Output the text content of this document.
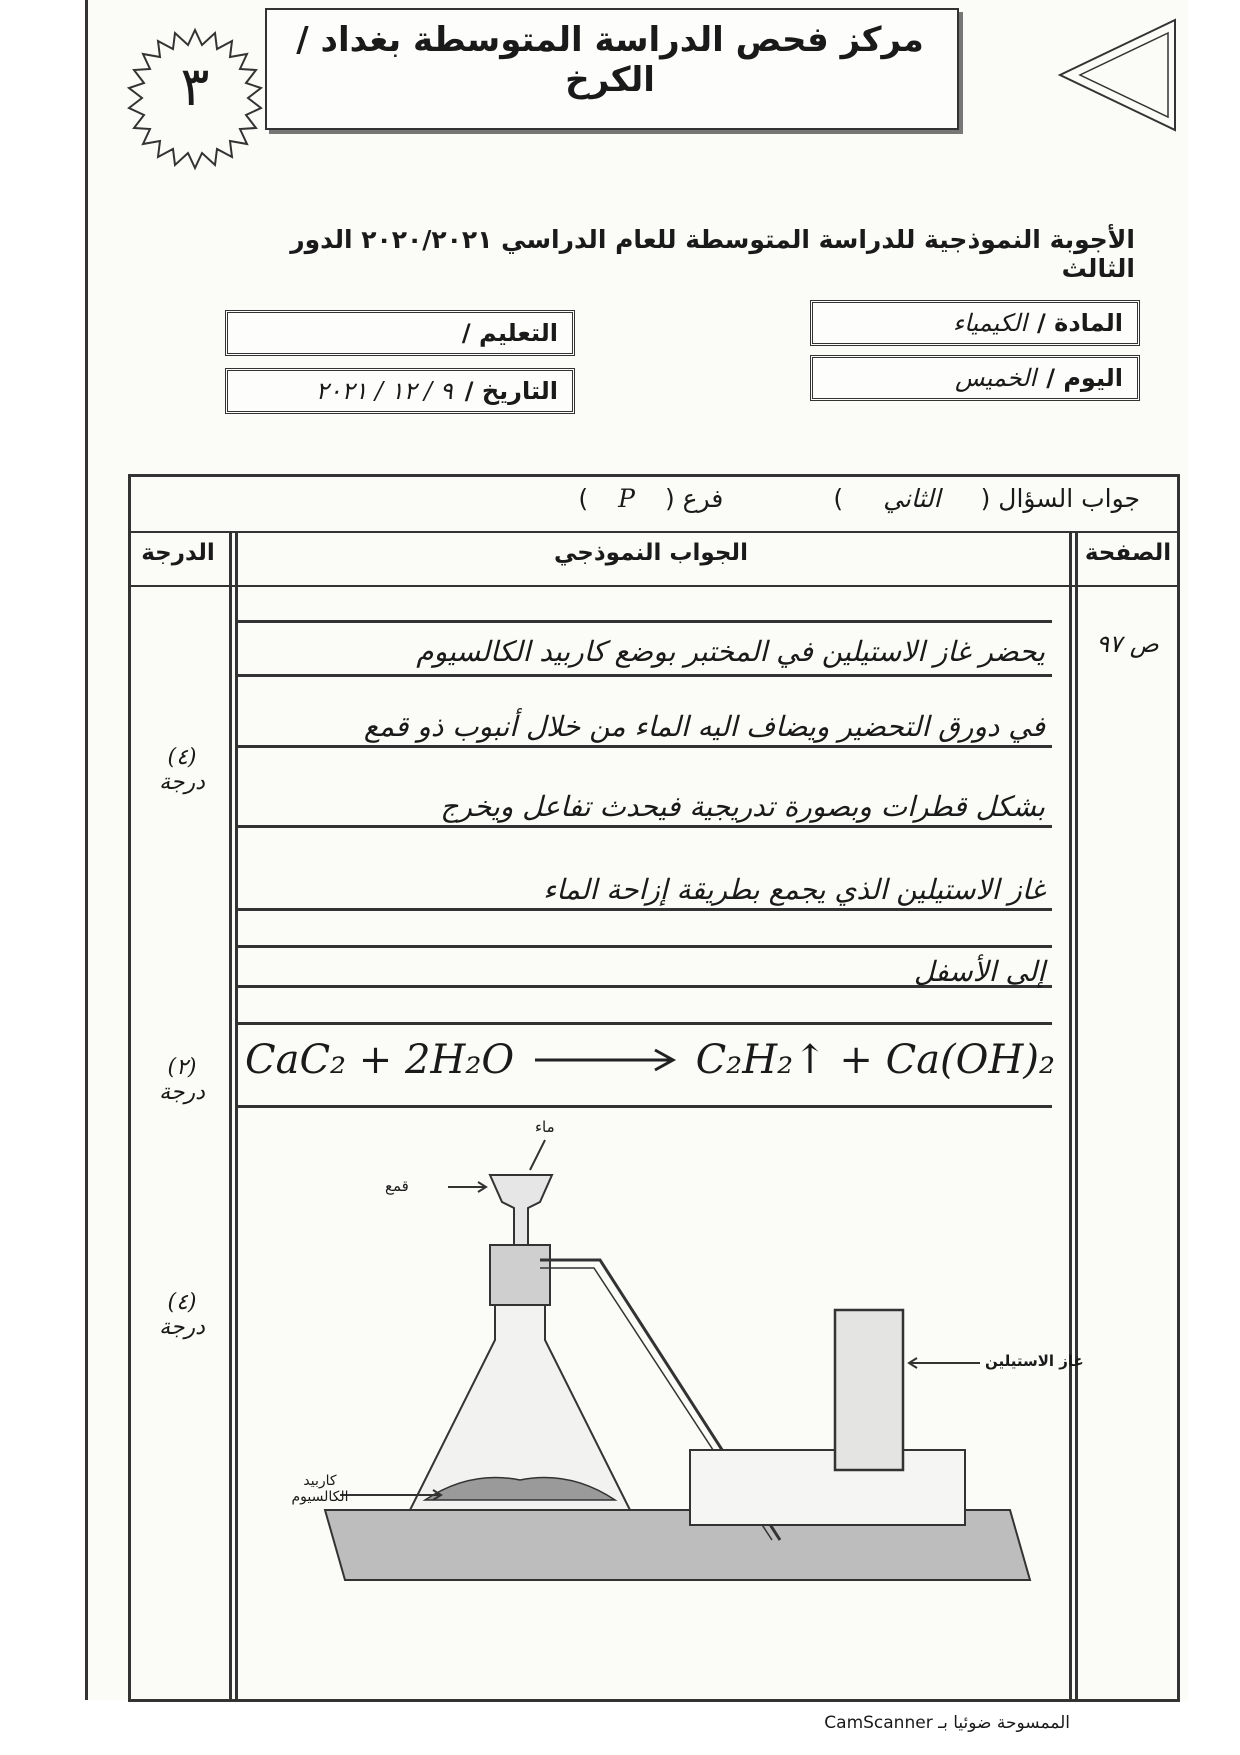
٣
مركز فحص الدراسة المتوسطة بغداد / الكرخ
الأجوبة النموذجية للدراسة المتوسطة للعام الدراسي ٢٠٢٠/٢٠٢١ الدور الثالث
المادة /
الكيمياء
اليوم /
الخميس
التعليم /
التاريخ /
٩ / ١٢ / ٢٠٢١
جواب السؤال (
الثاني
)
فرع (
P
)
الصفحة
الجواب النموذجي
الدرجة
ص ٩٧
يحضر غاز الاستيلين في المختبر بوضع كاربيد الكالسيوم
في دورق التحضير ويضاف اليه الماء من خلال أنبوب ذو قمع
بشكل قطرات وبصورة تدريجية فيحدث تفاعل ويخرج
غاز الاستيلين الذي يجمع بطريقة إزاحة الماء
إلى الأسفل
CaC₂ + 2H₂O → C₂H₂↑ + Ca(OH)₂
(٤)
درجة
(٢)
درجة
(٤)
درجة
ماء
قمع
غاز الاستيلين
كاربيد
الكالسيوم
الممسوحة ضوئيا بـ CamScanner
